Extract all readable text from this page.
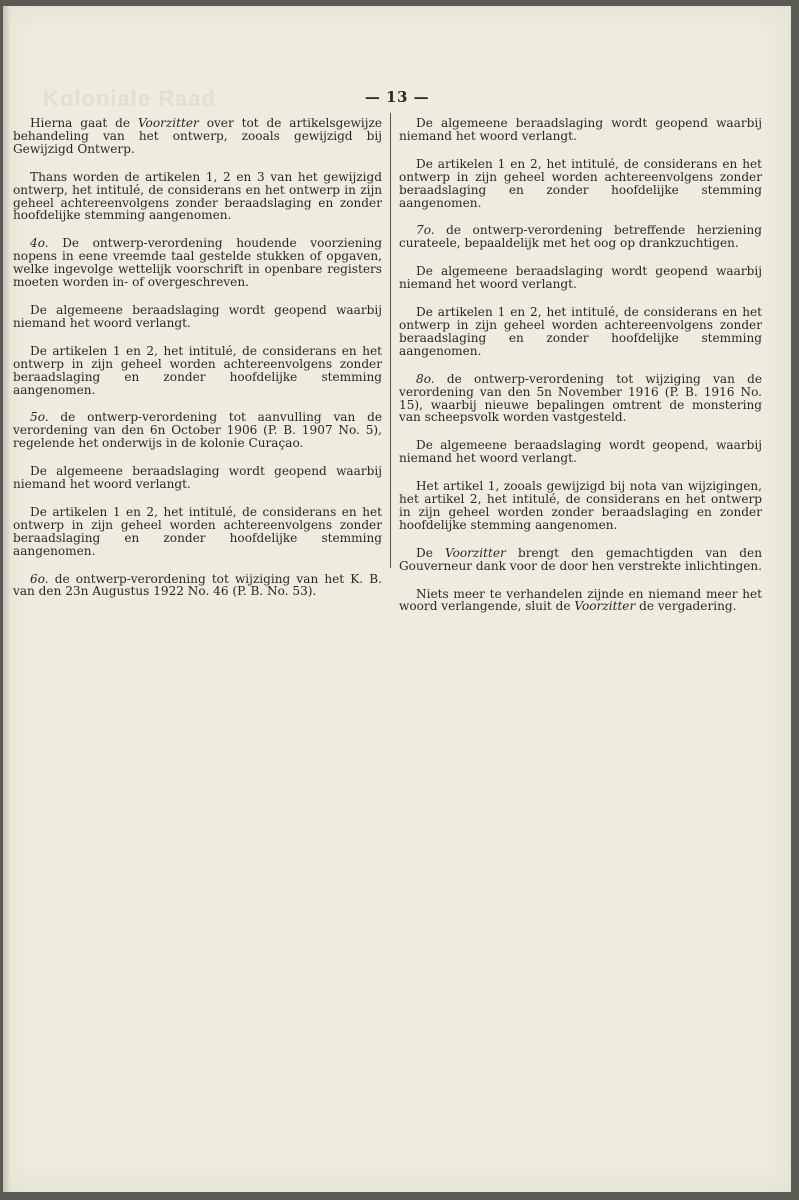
Koloniale Raad	— 13 —

Hierna gaat de Voorzitter over tot de artikelsgewijze behandeling van het ontwerp, zooals gewijzigd bij Gewijzigd Ontwerp.

Thans worden de artikelen 1, 2 en 3 van het gewijzigd ontwerp, het intitulé, de considerans en het ontwerp in zijn geheel achtereenvolgens zonder beraadslaging en zonder hoofdelijke stemming aangenomen.

4o. De ontwerp-verordening houdende voorziening nopens in eene vreemde taal gestelde stukken of opgaven, welke ingevolge wettelijk voorschrift in openbare registers moeten worden in- of overgeschreven.

De algemeene beraadslaging wordt geopend waarbij niemand het woord verlangt.

De artikelen 1 en 2, het intitulé, de considerans en het ontwerp in zijn geheel worden achtereenvolgens zonder beraadslaging en zonder hoofdelijke stemming aangenomen.

5o. de ontwerp-verordening tot aanvulling van de verordening van den 6n October 1906 (P. B. 1907 No. 5), regelende het onderwijs in de kolonie Curaçao.

De algemeene beraadslaging wordt geopend waarbij niemand het woord verlangt.

De artikelen 1 en 2, het intitulé, de considerans en het ontwerp in zijn geheel worden achtereenvolgens zonder beraadslaging en zonder hoofdelijke stemming aangenomen.

6o. de ontwerp-verordening tot wijziging van het K. B. van den 23n Augustus 1922 No. 46 (P. B. No. 53).

De algemeene beraadslaging wordt geopend waarbij niemand het woord verlangt.

De artikelen 1 en 2, het intitulé, de considerans en het ontwerp in zijn geheel worden achtereenvolgens zonder beraadslaging en zonder hoofdelijke stemming aangenomen.

7o. de ontwerp-verordening betreffende herziening curateele, bepaaldelijk met het oog op drankzuchtigen.

De algemeene beraadslaging wordt geopend waarbij niemand het woord verlangt.

De artikelen 1 en 2, het intitulé, de considerans en het ontwerp in zijn geheel worden achtereenvolgens zonder beraadslaging en zonder hoofdelijke stemming aangenomen.

8o. de ontwerp-verordening tot wijziging van de verordening van den 5n November 1916 (P. B. 1916 No. 15), waarbij nieuwe bepalingen omtrent de monstering van scheepsvolk worden vastgesteld.

De algemeene beraadslaging wordt geopend, waarbij niemand het woord verlangt.

Het artikel 1, zooals gewijzigd bij nota van wijzigingen, het artikel 2, het intitulé, de considerans en het ontwerp in zijn geheel worden zonder beraadslaging en zonder hoofdelijke stemming aangenomen.

De Voorzitter brengt den gemachtigden van den Gouverneur dank voor de door hen verstrekte inlichtingen.

Niets meer te verhandelen zijnde en niemand meer het woord verlangende, sluit de Voorzitter de vergadering.
